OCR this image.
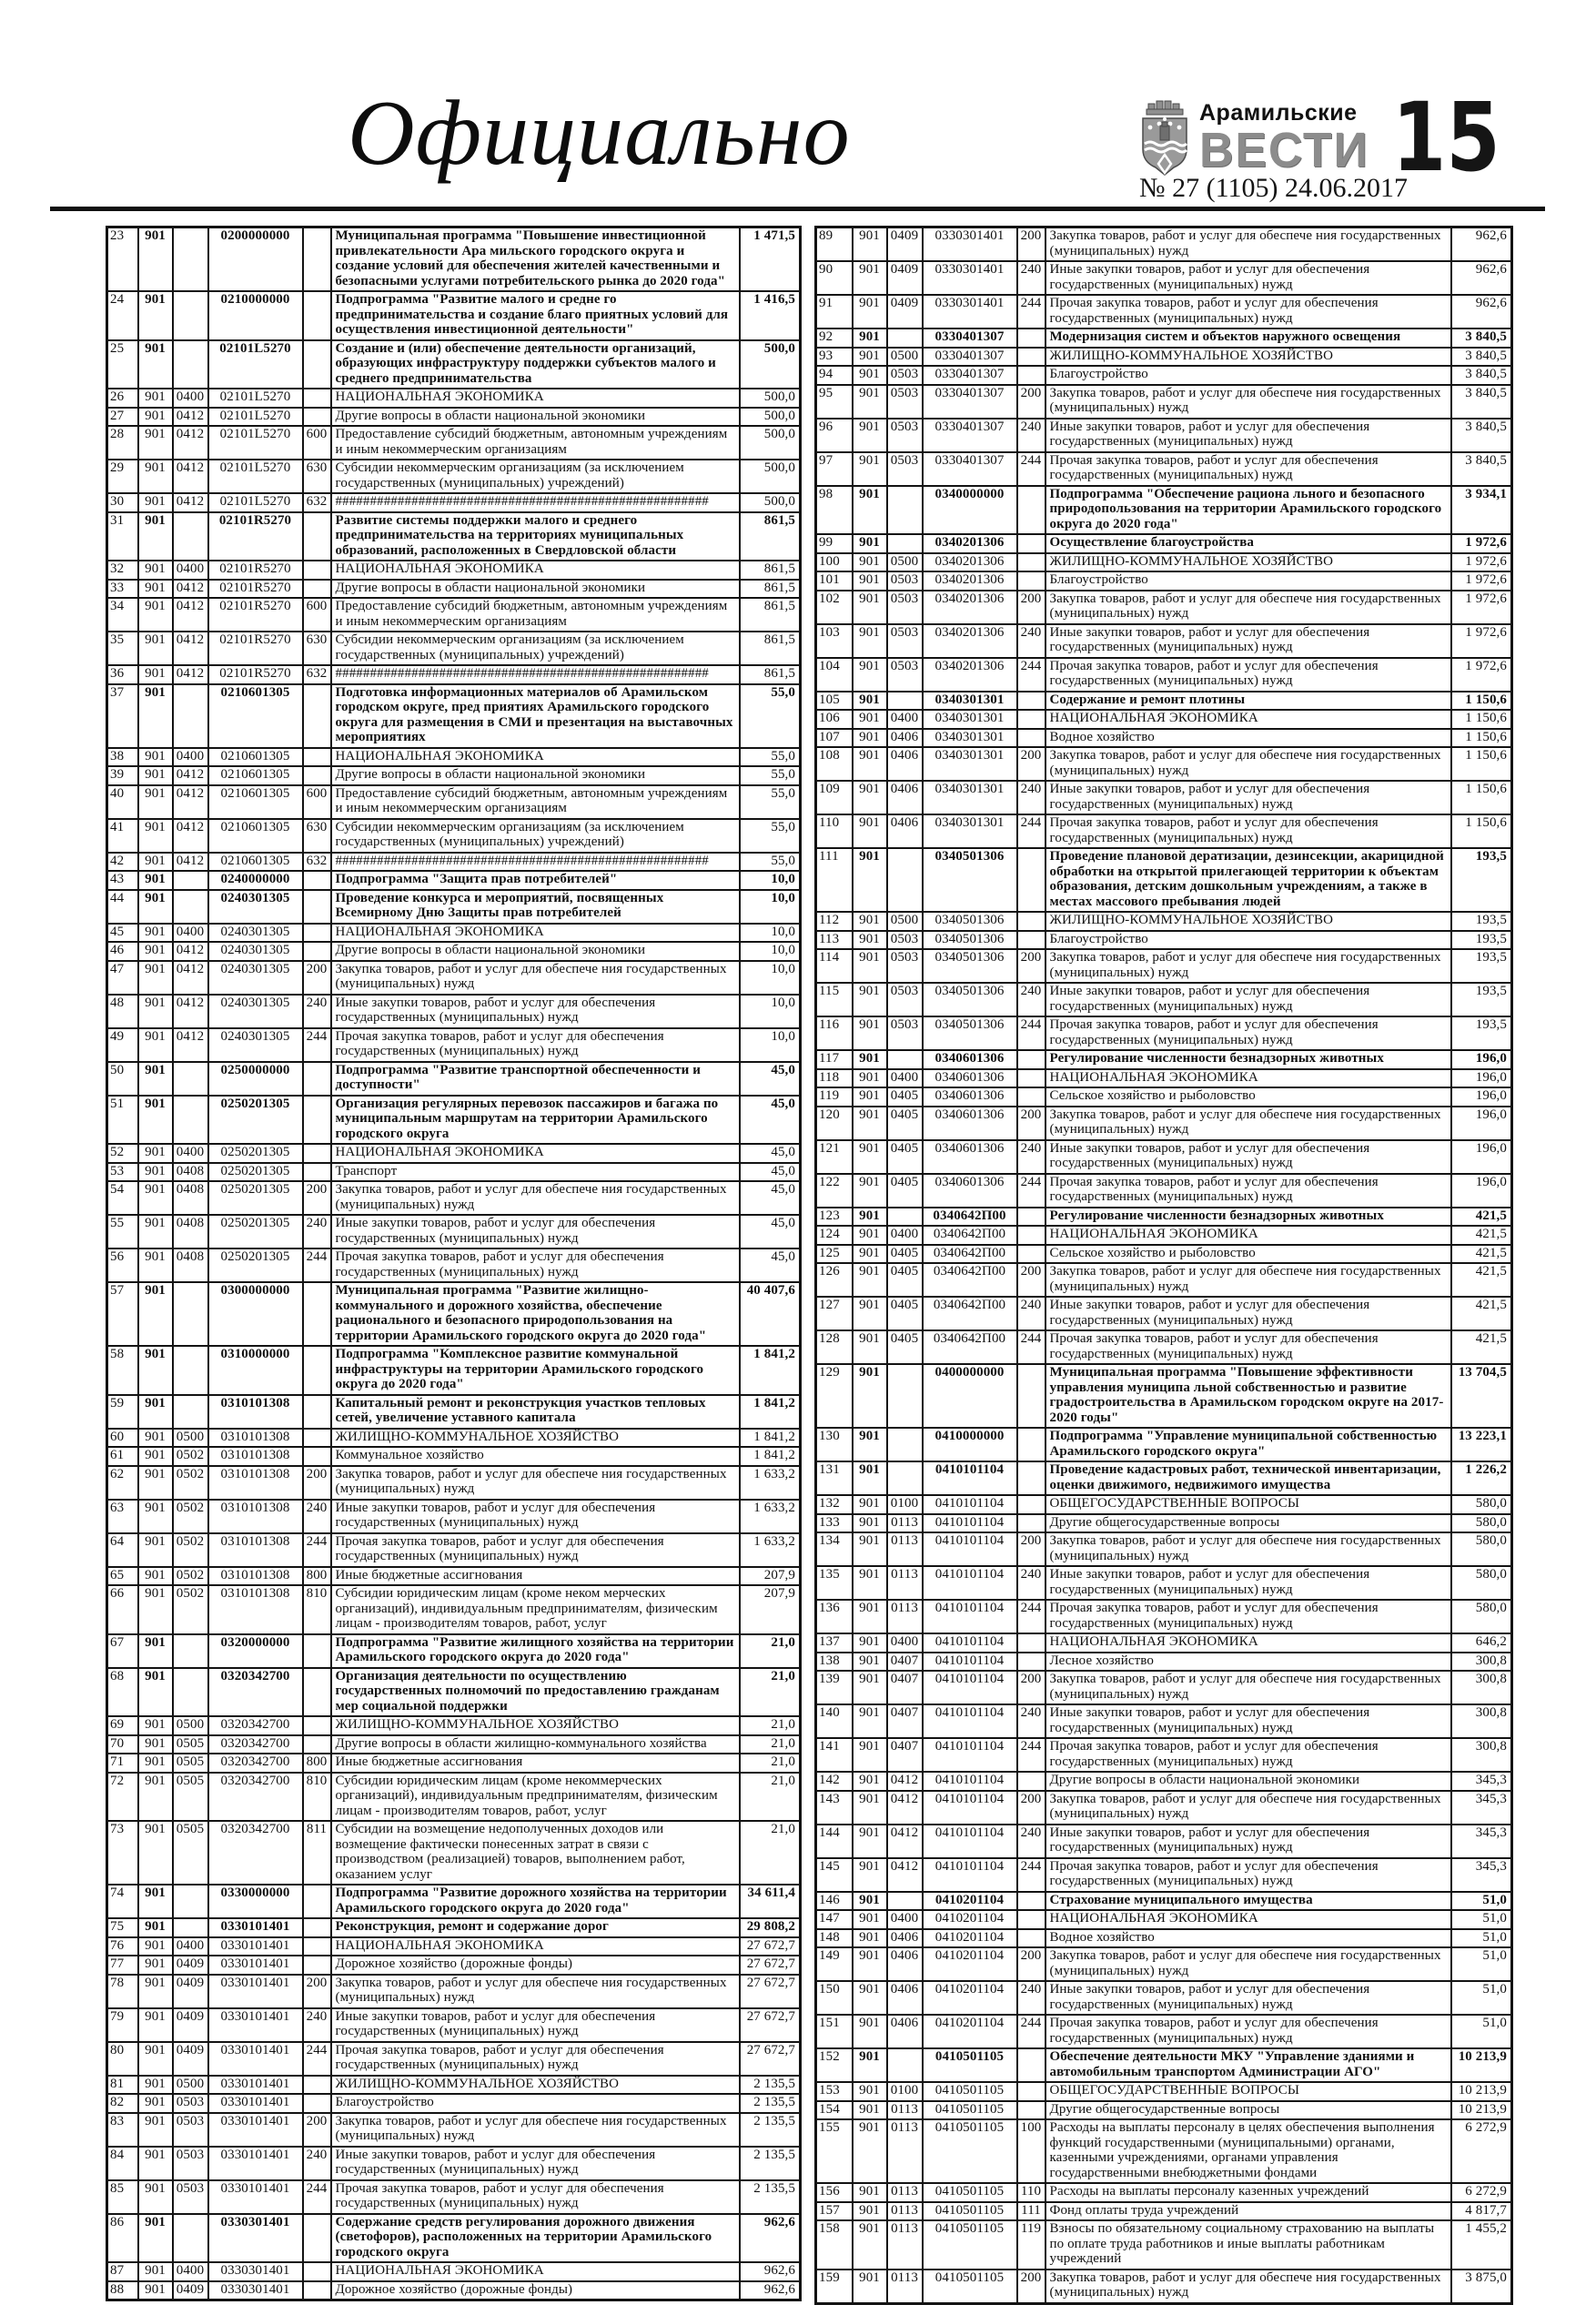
Официально	Арамильские
ВЕСТИ 15
№ 27 (1105) 24.06.2017
23	901		0200000000		Муниципальная программа "Повышение инвестиционной привлекательности Ара мильского городского округа и создание условий для обеспечения жителей качественными и безопасными услугами потребительского рынка до 2020 года"	1 471,5
24	901		0210000000		Подпрограмма "Развитие малого и средне го предпринимательства и создание благо приятных условий для осуществления инвестиционной деятельности"	1 416,5
25	901		02101L5270		Создание и (или) обеспечение деятельности организаций, образующих инфраструктуру поддержки субъектов малого и среднего предпринимательства	500,0
26	901	0400	02101L5270		НАЦИОНАЛЬНАЯ ЭКОНОМИКА	500,0
27	901	0412	02101L5270		Другие вопросы в области национальной экономики	500,0
28	901	0412	02101L5270	600	Предоставление субсидий бюджетным, автономным учреждениям и иным некоммерческим организациям	500,0
29	901	0412	02101L5270	630	Субсидии некоммерческим организациям (за исключением государственных (муниципальных) учреждений)	500,0
30	901	0412	02101L5270	632	######################################################	500,0
31	901		02101R5270		Развитие системы поддержки малого и среднего предпринимательства на территориях муниципальных образований, расположенных в Свердловской области	861,5
32	901	0400	02101R5270		НАЦИОНАЛЬНАЯ ЭКОНОМИКА	861,5
33	901	0412	02101R5270		Другие вопросы в области национальной экономики	861,5
34	901	0412	02101R5270	600	Предоставление субсидий бюджетным, автономным учреждениям и иным некоммерческим организациям	861,5
35	901	0412	02101R5270	630	Субсидии некоммерческим организациям (за исключением государственных (муниципальных) учреждений)	861,5
36	901	0412	02101R5270	632	######################################################	861,5
37	901		0210601305		Подготовка информационных материалов об Арамильском городском округе, пред приятиях Арамильского городского округа для размещения в СМИ и презентация на выставочных мероприятиях	55,0
38	901	0400	0210601305		НАЦИОНАЛЬНАЯ ЭКОНОМИКА	55,0
39	901	0412	0210601305		Другие вопросы в области национальной экономики	55,0
40	901	0412	0210601305	600	Предоставление субсидий бюджетным, автономным учреждениям и иным некоммерческим организациям	55,0
41	901	0412	0210601305	630	Субсидии некоммерческим организациям (за исключением государственных (муниципальных) учреждений)	55,0
42	901	0412	0210601305	632	######################################################	55,0
43	901		0240000000		Подпрограмма "Защита прав потребителей"	10,0
44	901		0240301305		Проведение конкурса и мероприятий, посвященных Всемирному Дню Защиты прав потребителей	10,0
45	901	0400	0240301305		НАЦИОНАЛЬНАЯ ЭКОНОМИКА	10,0
46	901	0412	0240301305		Другие вопросы в области национальной экономики	10,0
47	901	0412	0240301305	200	Закупка товаров, работ и услуг для обеспече ния государственных (муниципальных) нужд	10,0
48	901	0412	0240301305	240	Иные закупки товаров, работ и услуг для обеспечения государственных (муниципальных) нужд	10,0
49	901	0412	0240301305	244	Прочая закупка товаров, работ и услуг для обеспечения государственных (муниципальных) нужд	10,0
50	901		0250000000		Подпрограмма "Развитие транспортной обеспеченности и доступности"	45,0
51	901		0250201305		Организация регулярных перевозок пассажиров и багажа по муниципальным маршрутам на территории Арамильского городского округа	45,0
52	901	0400	0250201305		НАЦИОНАЛЬНАЯ ЭКОНОМИКА	45,0
53	901	0408	0250201305		Транспорт	45,0
54	901	0408	0250201305	200	Закупка товаров, работ и услуг для обеспече ния государственных (муниципальных) нужд	45,0
55	901	0408	0250201305	240	Иные закупки товаров, работ и услуг для обеспечения государственных (муниципальных) нужд	45,0
56	901	0408	0250201305	244	Прочая закупка товаров, работ и услуг для обеспечения государственных (муниципальных) нужд	45,0
57	901		0300000000		Муниципальная программа "Развитие жилищно-коммунального и дорожного хозяйства, обеспечение рационального и безопасного природопользования на территории Арамильского городского округа до 2020 года"	40 407,6
58	901		0310000000		Подпрограмма "Комплексное развитие коммунальной инфраструктуры на территории Арамильского городского округа до 2020 года"	1 841,2
59	901		0310101308		Капитальный ремонт и реконструкция участков тепловых сетей, увеличение уставного капитала	1 841,2
60	901	0500	0310101308		ЖИЛИЩНО-КОММУНАЛЬНОЕ ХОЗЯЙСТВО	1 841,2
61	901	0502	0310101308		Коммунальное хозяйство	1 841,2
62	901	0502	0310101308	200	Закупка товаров, работ и услуг для обеспече ния государственных (муниципальных) нужд	1 633,2
63	901	0502	0310101308	240	Иные закупки товаров, работ и услуг для обеспечения государственных (муниципальных) нужд	1 633,2
64	901	0502	0310101308	244	Прочая закупка товаров, работ и услуг для обеспечения государственных (муниципальных) нужд	1 633,2
65	901	0502	0310101308	800	Иные бюджетные ассигнования	207,9
66	901	0502	0310101308	810	Субсидии юридическим лицам (кроме неком мерческих организаций), индивидуальным предпринимателям, физическим лицам - производителям товаров, работ, услуг	207,9
67	901		0320000000		Подпрограмма "Развитие жилищного хозяйства на территории Арамильского городского округа до 2020 года"	21,0
68	901		0320342700		Организация деятельности по осуществлению государственных полномочий по предоставлению гражданам мер социальной поддержки	21,0
69	901	0500	0320342700		ЖИЛИЩНО-КОММУНАЛЬНОЕ ХОЗЯЙСТВО	21,0
70	901	0505	0320342700		Другие вопросы в области жилищно-коммунального хозяйства	21,0
71	901	0505	0320342700	800	Иные бюджетные ассигнования	21,0
72	901	0505	0320342700	810	Субсидии юридическим лицам (кроме некоммерческих организаций), индивидуальным предпринимателям, физическим лицам - производителям товаров, работ, услуг	21,0
73	901	0505	0320342700	811	Субсидии на возмещение недополученных доходов или возмещение фактически понесенных затрат в связи с производством (реализацией) товаров, выполнением работ, оказанием услуг	21,0
74	901		0330000000		Подпрограмма "Развитие дорожного хозяйства на территории Арамильского городского округа до 2020 года"	34 611,4
75	901		0330101401		Реконструкция, ремонт и содержание дорог	29 808,2
76	901	0400	0330101401		НАЦИОНАЛЬНАЯ ЭКОНОМИКА	27 672,7
77	901	0409	0330101401		Дорожное хозяйство (дорожные фонды)	27 672,7
78	901	0409	0330101401	200	Закупка товаров, работ и услуг для обеспече ния государственных (муниципальных) нужд	27 672,7
79	901	0409	0330101401	240	Иные закупки товаров, работ и услуг для обеспечения государственных (муниципальных) нужд	27 672,7
80	901	0409	0330101401	244	Прочая закупка товаров, работ и услуг для обеспечения государственных (муниципальных) нужд	27 672,7
81	901	0500	0330101401		ЖИЛИЩНО-КОММУНАЛЬНОЕ ХОЗЯЙСТВО	2 135,5
82	901	0503	0330101401		Благоустройство	2 135,5
83	901	0503	0330101401	200	Закупка товаров, работ и услуг для обеспече ния государственных (муниципальных) нужд	2 135,5
84	901	0503	0330101401	240	Иные закупки товаров, работ и услуг для обеспечения государственных (муниципальных) нужд	2 135,5
85	901	0503	0330101401	244	Прочая закупка товаров, работ и услуг для обеспечения государственных (муниципальных) нужд	2 135,5
86	901		0330301401		Содержание средств регулирования дорожного движения (светофоров), расположенных на территории Арамильского городского округа	962,6
87	901	0400	0330301401		НАЦИОНАЛЬНАЯ ЭКОНОМИКА	962,6
88	901	0409	0330301401		Дорожное хозяйство (дорожные фонды)	962,6
89	901	0409	0330301401	200	Закупка товаров, работ и услуг для обеспече ния государственных (муниципальных) нужд	962,6
90	901	0409	0330301401	240	Иные закупки товаров, работ и услуг для обеспечения государственных (муниципальных) нужд	962,6
91	901	0409	0330301401	244	Прочая закупка товаров, работ и услуг для обеспечения государственных (муниципальных) нужд	962,6
92	901		0330401307		Модернизация систем и объектов наружного освещения	3 840,5
93	901	0500	0330401307		ЖИЛИЩНО-КОММУНАЛЬНОЕ ХОЗЯЙСТВО	3 840,5
94	901	0503	0330401307		Благоустройство	3 840,5
95	901	0503	0330401307	200	Закупка товаров, работ и услуг для обеспече ния государственных (муниципальных) нужд	3 840,5
96	901	0503	0330401307	240	Иные закупки товаров, работ и услуг для обеспечения государственных (муниципальных) нужд	3 840,5
97	901	0503	0330401307	244	Прочая закупка товаров, работ и услуг для обеспечения государственных (муниципальных) нужд	3 840,5
98	901		0340000000		Подпрограмма "Обеспечение рациона льного и безопасного природопользования на территории Арамильского городского округа до 2020 года"	3 934,1
99	901		0340201306		Осуществление благоустройства	1 972,6
100	901	0500	0340201306		ЖИЛИЩНО-КОММУНАЛЬНОЕ ХОЗЯЙСТВО	1 972,6
101	901	0503	0340201306		Благоустройство	1 972,6
102	901	0503	0340201306	200	Закупка товаров, работ и услуг для обеспече ния государственных (муниципальных) нужд	1 972,6
103	901	0503	0340201306	240	Иные закупки товаров, работ и услуг для обеспечения государственных (муниципальных) нужд	1 972,6
104	901	0503	0340201306	244	Прочая закупка товаров, работ и услуг для обеспечения государственных (муниципальных) нужд	1 972,6
105	901		0340301301		Содержание и ремонт плотины	1 150,6
106	901	0400	0340301301		НАЦИОНАЛЬНАЯ ЭКОНОМИКА	1 150,6
107	901	0406	0340301301		Водное хозяйство	1 150,6
108	901	0406	0340301301	200	Закупка товаров, работ и услуг для обеспече ния государственных (муниципальных) нужд	1 150,6
109	901	0406	0340301301	240	Иные закупки товаров, работ и услуг для обеспечения государственных (муниципальных) нужд	1 150,6
110	901	0406	0340301301	244	Прочая закупка товаров, работ и услуг для обеспечения государственных (муниципальных) нужд	1 150,6
111	901		0340501306		Проведение плановой дератизации, дезинсекции, акарицидной обработки на открытой прилегающей территории к объектам образования, детским дошкольным учреждениям, а также в местах массового пребывания людей	193,5
112	901	0500	0340501306		ЖИЛИЩНО-КОММУНАЛЬНОЕ ХОЗЯЙСТВО	193,5
113	901	0503	0340501306		Благоустройство	193,5
114	901	0503	0340501306	200	Закупка товаров, работ и услуг для обеспече ния государственных (муниципальных) нужд	193,5
115	901	0503	0340501306	240	Иные закупки товаров, работ и услуг для обеспечения государственных (муниципальных) нужд	193,5
116	901	0503	0340501306	244	Прочая закупка товаров, работ и услуг для обеспечения государственных (муниципальных) нужд	193,5
117	901		0340601306		Регулирование численности безнадзорных животных	196,0
118	901	0400	0340601306		НАЦИОНАЛЬНАЯ ЭКОНОМИКА	196,0
119	901	0405	0340601306		Сельское хозяйство и рыболовство	196,0
120	901	0405	0340601306	200	Закупка товаров, работ и услуг для обеспече ния государственных (муниципальных) нужд	196,0
121	901	0405	0340601306	240	Иные закупки товаров, работ и услуг для обеспечения государственных (муниципальных) нужд	196,0
122	901	0405	0340601306	244	Прочая закупка товаров, работ и услуг для обеспечения государственных (муниципальных) нужд	196,0
123	901		0340642П00		Регулирование численности безнадзорных животных	421,5
124	901	0400	0340642П00		НАЦИОНАЛЬНАЯ ЭКОНОМИКА	421,5
125	901	0405	0340642П00		Сельское хозяйство и рыболовство	421,5
126	901	0405	0340642П00	200	Закупка товаров, работ и услуг для обеспече ния государственных (муниципальных) нужд	421,5
127	901	0405	0340642П00	240	Иные закупки товаров, работ и услуг для обеспечения государственных (муниципальных) нужд	421,5
128	901	0405	0340642П00	244	Прочая закупка товаров, работ и услуг для обеспечения государственных (муниципальных) нужд	421,5
129	901		0400000000		Муниципальная программа "Повышение эффективности управления муниципа льной собственностью и развитие градостроительства в Арамильском городском округе на 2017-2020 годы"	13 704,5
130	901		0410000000		Подпрограмма "Управление муниципальной собственностью Арамильского городского округа"	13 223,1
131	901		0410101104		Проведение кадастровых работ, технической инвентаризации, оценки движимого, недвижимого имущества	1 226,2
132	901	0100	0410101104		ОБЩЕГОСУДАРСТВЕННЫЕ ВОПРОСЫ	580,0
133	901	0113	0410101104		Другие общегосударственные вопросы	580,0
134	901	0113	0410101104	200	Закупка товаров, работ и услуг для обеспече ния государственных (муниципальных) нужд	580,0
135	901	0113	0410101104	240	Иные закупки товаров, работ и услуг для обеспечения государственных (муниципальных) нужд	580,0
136	901	0113	0410101104	244	Прочая закупка товаров, работ и услуг для обеспечения государственных (муниципальных) нужд	580,0
137	901	0400	0410101104		НАЦИОНАЛЬНАЯ ЭКОНОМИКА	646,2
138	901	0407	0410101104		Лесное хозяйство	300,8
139	901	0407	0410101104	200	Закупка товаров, работ и услуг для обеспече ния государственных (муниципальных) нужд	300,8
140	901	0407	0410101104	240	Иные закупки товаров, работ и услуг для обеспечения государственных (муниципальных) нужд	300,8
141	901	0407	0410101104	244	Прочая закупка товаров, работ и услуг для обеспечения государственных (муниципальных) нужд	300,8
142	901	0412	0410101104		Другие вопросы в области национальной экономики	345,3
143	901	0412	0410101104	200	Закупка товаров, работ и услуг для обеспече ния государственных (муниципальных) нужд	345,3
144	901	0412	0410101104	240	Иные закупки товаров, работ и услуг для обеспечения государственных (муниципальных) нужд	345,3
145	901	0412	0410101104	244	Прочая закупка товаров, работ и услуг для обеспечения государственных (муниципальных) нужд	345,3
146	901		0410201104		Страхование муниципального имущества	51,0
147	901	0400	0410201104		НАЦИОНАЛЬНАЯ ЭКОНОМИКА	51,0
148	901	0406	0410201104		Водное хозяйство	51,0
149	901	0406	0410201104	200	Закупка товаров, работ и услуг для обеспече ния государственных (муниципальных) нужд	51,0
150	901	0406	0410201104	240	Иные закупки товаров, работ и услуг для обеспечения государственных (муниципальных) нужд	51,0
151	901	0406	0410201104	244	Прочая закупка товаров, работ и услуг для обеспечения государственных (муниципальных) нужд	51,0
152	901		0410501105		Обеспечение деятельности МКУ "Управление зданиями и автомобильным транспортом Администрации АГО"	10 213,9
153	901	0100	0410501105		ОБЩЕГОСУДАРСТВЕННЫЕ ВОПРОСЫ	10 213,9
154	901	0113	0410501105		Другие общегосударственные вопросы	10 213,9
155	901	0113	0410501105	100	Расходы на выплаты персоналу в целях обеспечения выполнения функций государственными (муниципальными) органами, казенными учреждениями, органами управления государственными внебюджетными фондами	6 272,9
156	901	0113	0410501105	110	Расходы на выплаты персоналу казенных учреждений	6 272,9
157	901	0113	0410501105	111	Фонд оплаты труда учреждений	4 817,7
158	901	0113	0410501105	119	Взносы по обязательному социальному страхованию на выплаты по оплате труда работников и иные выплаты работникам учреждений	1 455,2
159	901	0113	0410501105	200	Закупка товаров, работ и услуг для обеспече ния государственных (муниципальных) нужд	3 875,0
